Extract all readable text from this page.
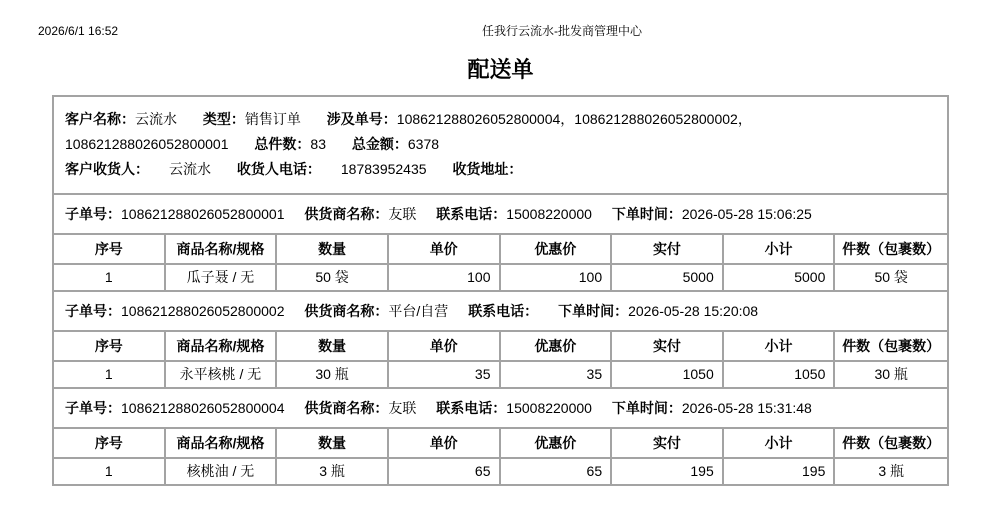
2026/6/1 16:52	任我行云流水-批发商管理中心
配送单
客户名称：云流水 类型：销售订单 涉及单号：108621288026052800004，108621288026052800002，
108621288026052800001 总件数：83 总金额：6378
客户收货人： 云流水 收货人电话： 18783952435 收货地址：
子单号：108621288026052800001 供货商名称：友联 联系电话：15008220000 下单时间：2026-05-28 15:06:25
序号	商品名称/规格	数量	单价	优惠价	实付	小计	件数（包裹数）
1	瓜子聂 / 无	50 袋	100	100	5000	5000	50 袋
子单号：108621288026052800002 供货商名称：平台/自营 联系电话： 下单时间：2026-05-28 15:20:08
序号	商品名称/规格	数量	单价	优惠价	实付	小计	件数（包裹数）
1	永平核桃 / 无	30 瓶	35	35	1050	1050	30 瓶
子单号：108621288026052800004 供货商名称：友联 联系电话：15008220000 下单时间：2026-05-28 15:31:48
序号	商品名称/规格	数量	单价	优惠价	实付	小计	件数（包裹数）
1	核桃油 / 无	3 瓶	65	65	195	195	3 瓶
